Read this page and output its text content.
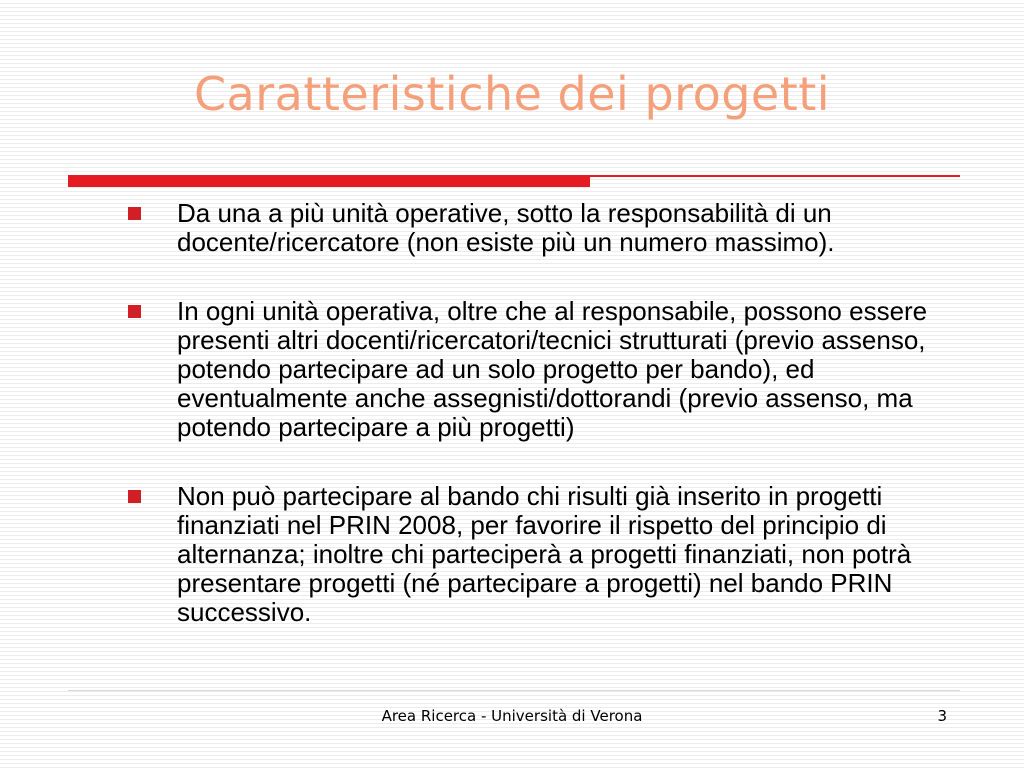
Caratteristiche dei progetti
Da una a più unità operative, sotto la responsabilità di un docente/ricercatore (non esiste più un numero massimo).
In ogni unità operativa, oltre che al responsabile, possono essere presenti altri docenti/ricercatori/tecnici strutturati (previo assenso, potendo partecipare ad un solo progetto per bando), ed eventualmente anche assegnisti/dottorandi (previo assenso, ma potendo partecipare a più progetti)
Non può partecipare al bando chi risulti già inserito in progetti finanziati nel PRIN 2008, per favorire il rispetto del principio di alternanza; inoltre chi parteciperà a progetti finanziati, non potrà presentare progetti (né partecipare a progetti) nel bando PRIN successivo.
Area Ricerca - Università di Verona	3
